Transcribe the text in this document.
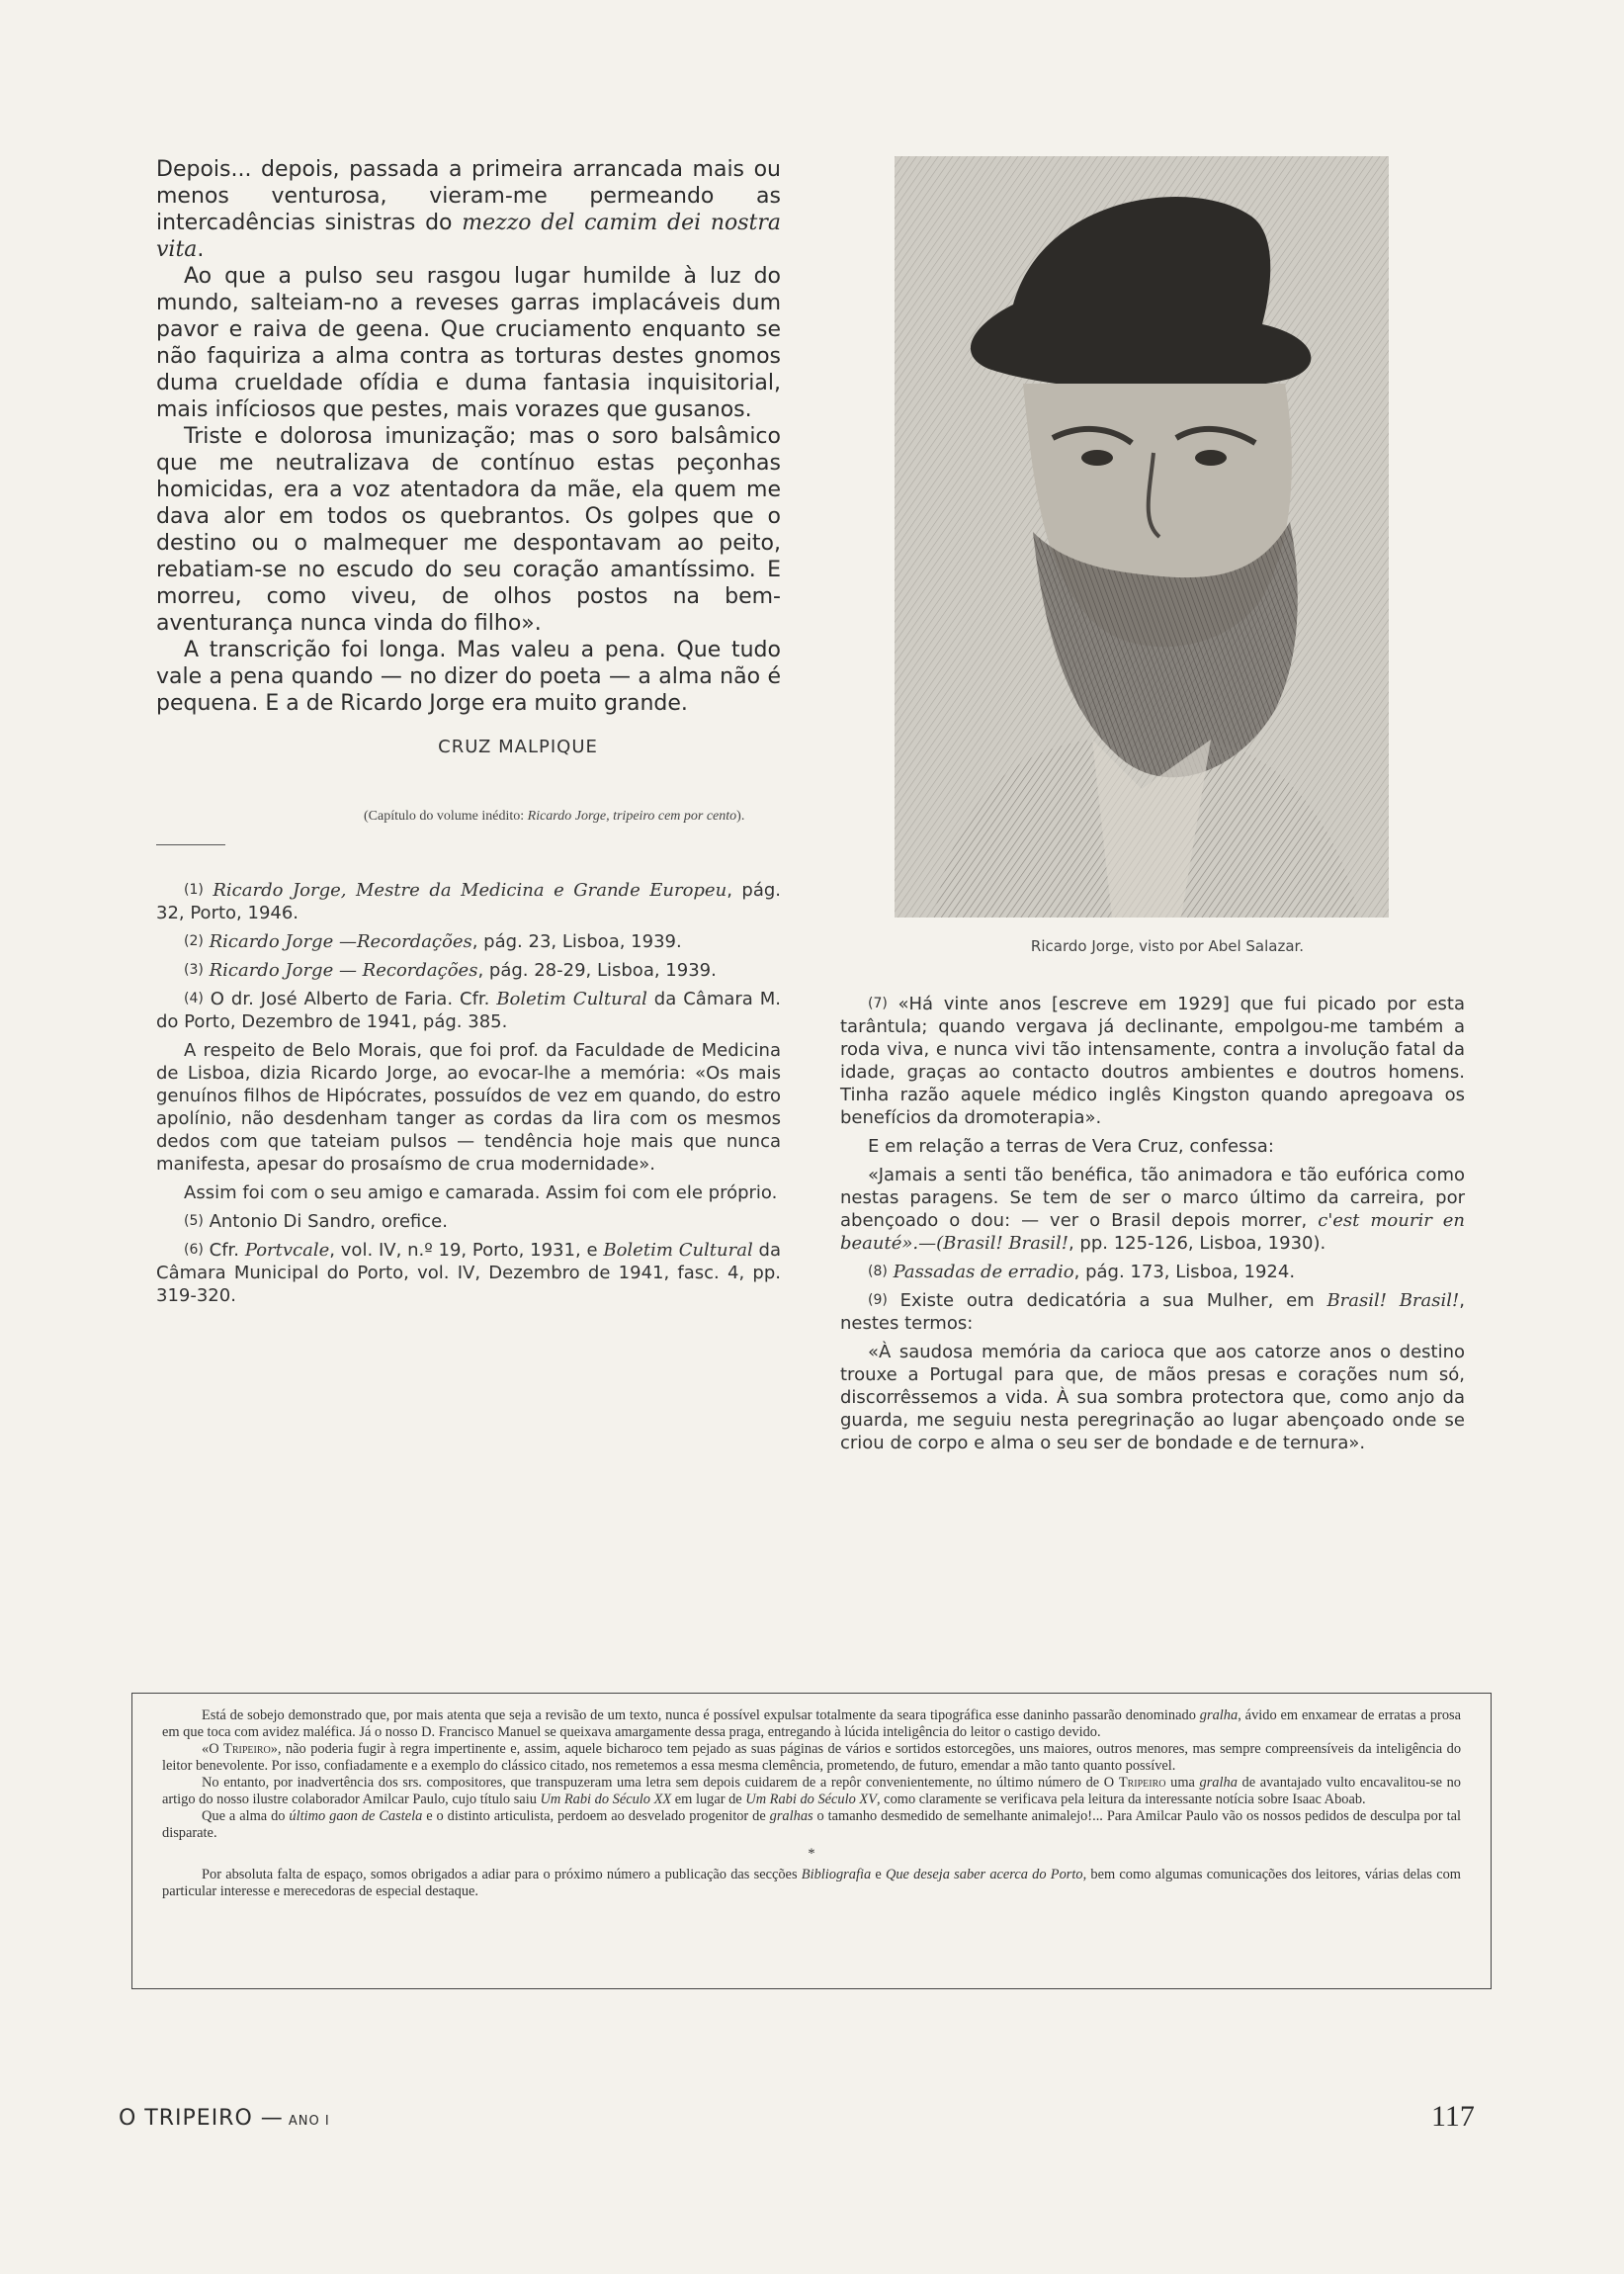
Depois... depois, passada a primeira arrancada mais ou menos venturosa, vieram-me permeando as intercadências sinistras do mezzo del camim dei nostra vita.

Ao que a pulso seu rasgou lugar humilde à luz do mundo, salteiam-no a reveses garras implacáveis dum pavor e raiva de geena. Que cruciamento enquanto se não faquiriza a alma contra as torturas destes gnomos duma crueldade ofídia e duma fantasia inquisitorial, mais infíciosos que pestes, mais vorazes que gusanos.

Triste e dolorosa imunização; mas o soro balsâmico que me neutralizava de contínuo estas peçonhas homicidas, era a voz atentadora da mãe, ela quem me dava alor em todos os quebrantos. Os golpes que o destino ou o malmequer me despontavam ao peito, rebatiam-se no escudo do seu coração amantíssimo. E morreu, como viveu, de olhos postos na bem-aventurança nunca vinda do filho».

A transcrição foi longa. Mas valeu a pena. Que tudo vale a pena quando — no dizer do poeta — a alma não é pequena. E a de Ricardo Jorge era muito grande.

CRUZ MALPIQUE
(Capítulo do volume inédito: Ricardo Jorge, tripeiro cem por cento).

$^{(1)}$ Ricardo Jorge, Mestre da Medicina e Grande Europeu, pág. 32, Porto, 1946.

$^{(2)}$ Ricardo Jorge —Recordações, pág. 23, Lisboa, 1939.

$^{(3)}$ Ricardo Jorge — Recordações, pág. 28-29, Lisboa, 1939.

$^{(4)}$ O dr. José Alberto de Faria. Cfr. Boletim Cultural da Câmara M. do Porto, Dezembro de 1941, pág. 385.

A respeito de Belo Morais, que foi prof. da Faculdade de Medicina de Lisboa, dizia Ricardo Jorge, ao evocar-lhe a memória: «Os mais genuínos filhos de Hipócrates, possuídos de vez em quando, do estro apolínio, não desdenham tanger as cordas da lira com os mesmos dedos com que tateiam pulsos — tendência hoje mais que nunca manifesta, apesar do prosaísmo de crua modernidade».

Assim foi com o seu amigo e camarada. Assim foi com ele próprio.

$^{(5)}$ Antonio Di Sandro, orefice.

$^{(6)}$ Cfr. Portvcale, vol. IV, n.º 19, Porto, 1931, e Boletim Cultural da Câmara Municipal do Porto, vol. IV, Dezembro de 1941, fasc. 4, pp. 319-320.

Ricardo Jorge, visto por Abel Salazar.

$^{(7)}$ «Há vinte anos [escreve em 1929] que fui picado por esta tarântula; quando vergava já declinante, empolgou-me também a roda viva, e nunca vivi tão intensamente, contra a involução fatal da idade, graças ao contacto doutros ambientes e doutros homens. Tinha razão aquele médico inglês Kingston quando apregoava os benefícios da dromoterapia».

E em relação a terras de Vera Cruz, confessa:

«Jamais a senti tão benéfica, tão animadora e tão eufórica como nestas paragens. Se tem de ser o marco último da carreira, por abençoado o dou: — ver o Brasil depois morrer, c'est mourir en beauté».—(Brasil! Brasil!, pp. 125-126, Lisboa, 1930).

$^{(8)}$ Passadas de erradio, pág. 173, Lisboa, 1924.

$^{(9)}$ Existe outra dedicatória a sua Mulher, em Brasil! Brasil!, nestes termos:

«À saudosa memória da carioca que aos catorze anos o destino trouxe a Portugal para que, de mãos presas e corações num só, discorrêssemos a vida. À sua sombra protectora que, como anjo da guarda, me seguiu nesta peregrinação ao lugar abençoado onde se criou de corpo e alma o seu ser de bondade e de ternura».

Está de sobejo demonstrado que, por mais atenta que seja a revisão de um texto, nunca é possível expulsar totalmente da seara tipográfica esse daninho passarão denominado gralha, ávido em enxamear de erratas a prosa em que toca com avidez maléfica. Já o nosso D. Francisco Manuel se queixava amargamente dessa praga, entregando à lúcida inteligência do leitor o castigo devido.

«O Tripeiro», não poderia fugir à regra impertinente e, assim, aquele bicharoco tem pejado as suas páginas de vários e sortidos estorcegões, uns maiores, outros menores, mas sempre compreensíveis da inteligência do leitor benevolente. Por isso, confiadamente e a exemplo do clássico citado, nos remetemos a essa mesma clemência, prometendo, de futuro, emendar a mão tanto quanto possível.

No entanto, por inadvertência dos srs. compositores, que transpuzeram uma letra sem depois cuidarem de a repôr convenientemente, no último número de O Tripeiro uma gralha de avantajado vulto encavalitou-se no artigo do nosso ilustre colaborador Amilcar Paulo, cujo título saiu Um Rabi do Século XX em lugar de Um Rabi do Século XV, como claramente se verificava pela leitura da interessante notícia sobre Isaac Aboab.

Que a alma do último gaon de Castela e o distinto articulista, perdoem ao desvelado progenitor de gralhas o tamanho desmedido de semelhante animalejo!... Para Amilcar Paulo vão os nossos pedidos de desculpa por tal disparate.

*

Por absoluta falta de espaço, somos obrigados a adiar para o próximo número a publicação das secções Bibliografia e Que deseja saber acerca do Porto, bem como algumas comunicações dos leitores, várias delas com particular interesse e merecedoras de especial destaque.

O TRIPEIRO — ANO I	117
